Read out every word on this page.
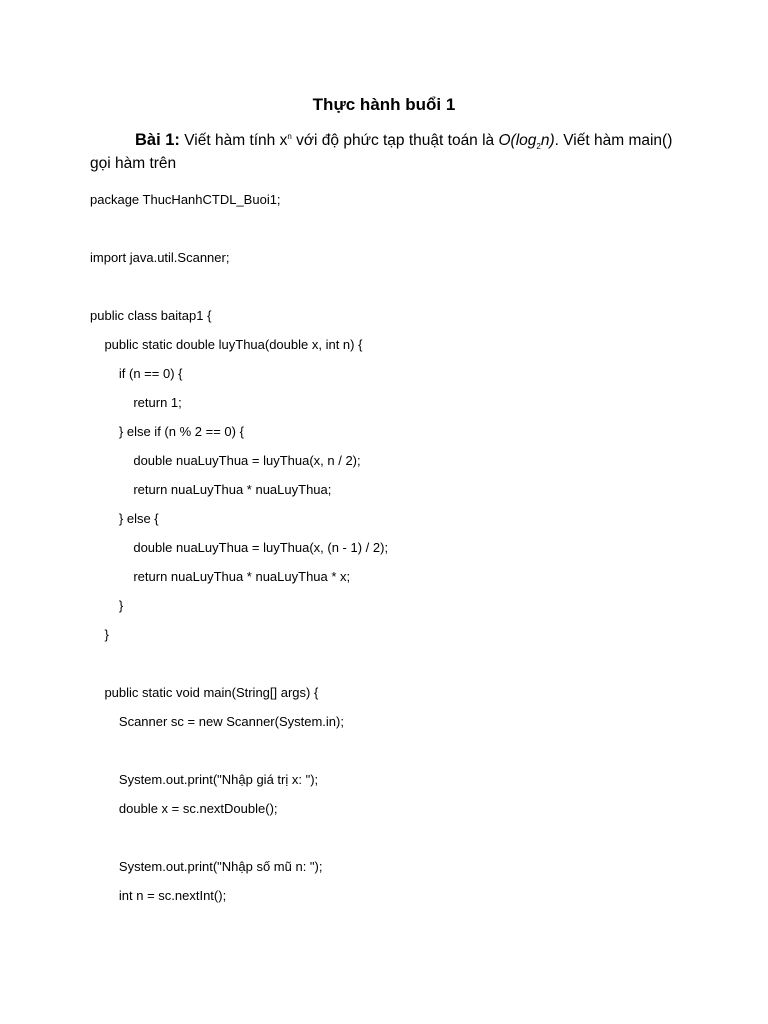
Thực hành buổi 1
Bài 1: Viết hàm tính $x^n$ với độ phức tạp thuật toán là $O(\log_2n)$. Viết hàm main() gọi hàm trên
package ThucHanhCTDL_Buoi1;
import java.util.Scanner;
public class baitap1 {
public static double luyThua(double x, int n) {
if (n == 0) {
return 1;
} else if (n % 2 == 0) {
double nuaLuyThua = luyThua(x, n / 2);
return nuaLuyThua * nuaLuyThua;
} else {
double nuaLuyThua = luyThua(x, (n - 1) / 2);
return nuaLuyThua * nuaLuyThua * x;
}
}
public static void main(String[] args) {
Scanner sc = new Scanner(System.in);
System.out.print("Nhập giá trị x: ");
double x = sc.nextDouble();
System.out.print("Nhập số mũ n: ");
int n = sc.nextInt();
